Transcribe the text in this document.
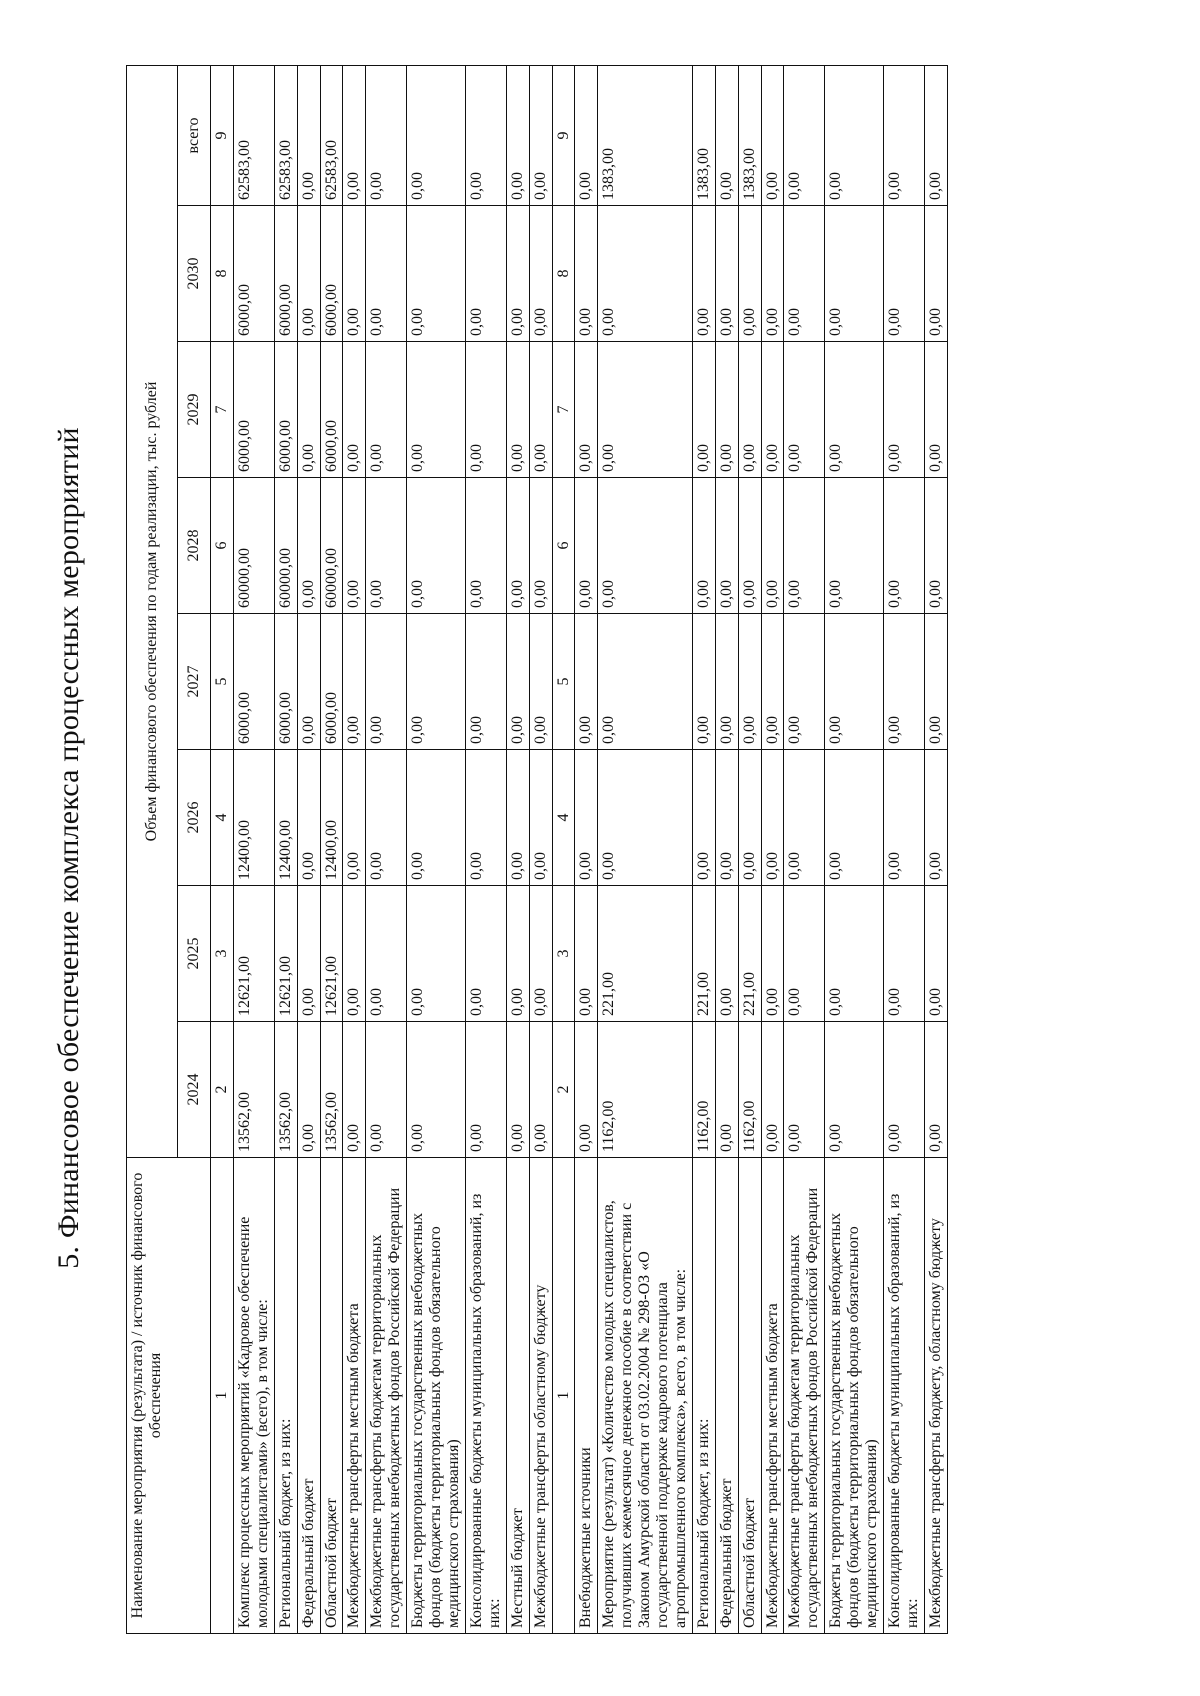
5. Финансовое обеспечение комплекса процессных мероприятий
Наименование мероприятия (результата) / источник финансового обеспечения	Объем финансового обеспечения по годам реализации, тыс. рублей							
	2024	2025	2026	2027	2028	2029	2030	всего
1	2	3	4	5	6	7	8	9
Комплекс процессных мероприятий «Кадровое обеспечение молодыми специалистами» (всего), в том числе:	13562,00	12621,00	12400,00	6000,00	60000,00	6000,00	6000,00	62583,00
Региональный бюджет, из них:	13562,00	12621,00	12400,00	6000,00	60000,00	6000,00	6000,00	62583,00
Федеральный бюджет	0,00	0,00	0,00	0,00	0,00	0,00	0,00	0,00
Областной бюджет	13562,00	12621,00	12400,00	6000,00	60000,00	6000,00	6000,00	62583,00
Межбюджетные трансферты местным бюджета	0,00	0,00	0,00	0,00	0,00	0,00	0,00	0,00
Межбюджетные трансферты бюджетам территориальных государственных внебюджетных фондов Российской Федерации	0,00	0,00	0,00	0,00	0,00	0,00	0,00	0,00
Бюджеты территориальных государственных внебюджетных фондов (бюджеты территориальных фондов обязательного медицинского страхования)	0,00	0,00	0,00	0,00	0,00	0,00	0,00	0,00
Консолидированные бюджеты муниципальных образований, из них:	0,00	0,00	0,00	0,00	0,00	0,00	0,00	0,00
Местный бюджет	0,00	0,00	0,00	0,00	0,00	0,00	0,00	0,00
Межбюджетные трансферты областному бюджету	0,00	0,00	0,00	0,00	0,00	0,00	0,00	0,00
1	2	3	4	5	6	7	8	9
Внебюджетные источники	0,00	0,00	0,00	0,00	0,00	0,00	0,00	0,00
Мероприятие (результат) «Количество молодых специалистов, получивших ежемесячное денежное пособие в соответствии с Законом Амурской области от 03.02.2004 № 298-ОЗ «О государственной поддержке кадрового потенциала агропромышленного комплекса», всего, в том числе:	1162,00	221,00	0,00	0,00	0,00	0,00	0,00	1383,00
Региональный бюджет, из них:	1162,00	221,00	0,00	0,00	0,00	0,00	0,00	1383,00
Федеральный бюджет	0,00	0,00	0,00	0,00	0,00	0,00	0,00	0,00
Областной бюджет	1162,00	221,00	0,00	0,00	0,00	0,00	0,00	1383,00
Межбюджетные трансферты местным бюджета	0,00	0,00	0,00	0,00	0,00	0,00	0,00	0,00
Межбюджетные трансферты бюджетам территориальных государственных внебюджетных фондов Российской Федерации	0,00	0,00	0,00	0,00	0,00	0,00	0,00	0,00
Бюджеты территориальных государственных внебюджетных фондов (бюджеты территориальных фондов обязательного медицинского страхования)	0,00	0,00	0,00	0,00	0,00	0,00	0,00	0,00
Консолидированные бюджеты муниципальных образований, из них:	0,00	0,00	0,00	0,00	0,00	0,00	0,00	0,00
Межбюджетные трансферты бюджету, областному бюджету	0,00	0,00	0,00	0,00	0,00	0,00	0,00	0,00
